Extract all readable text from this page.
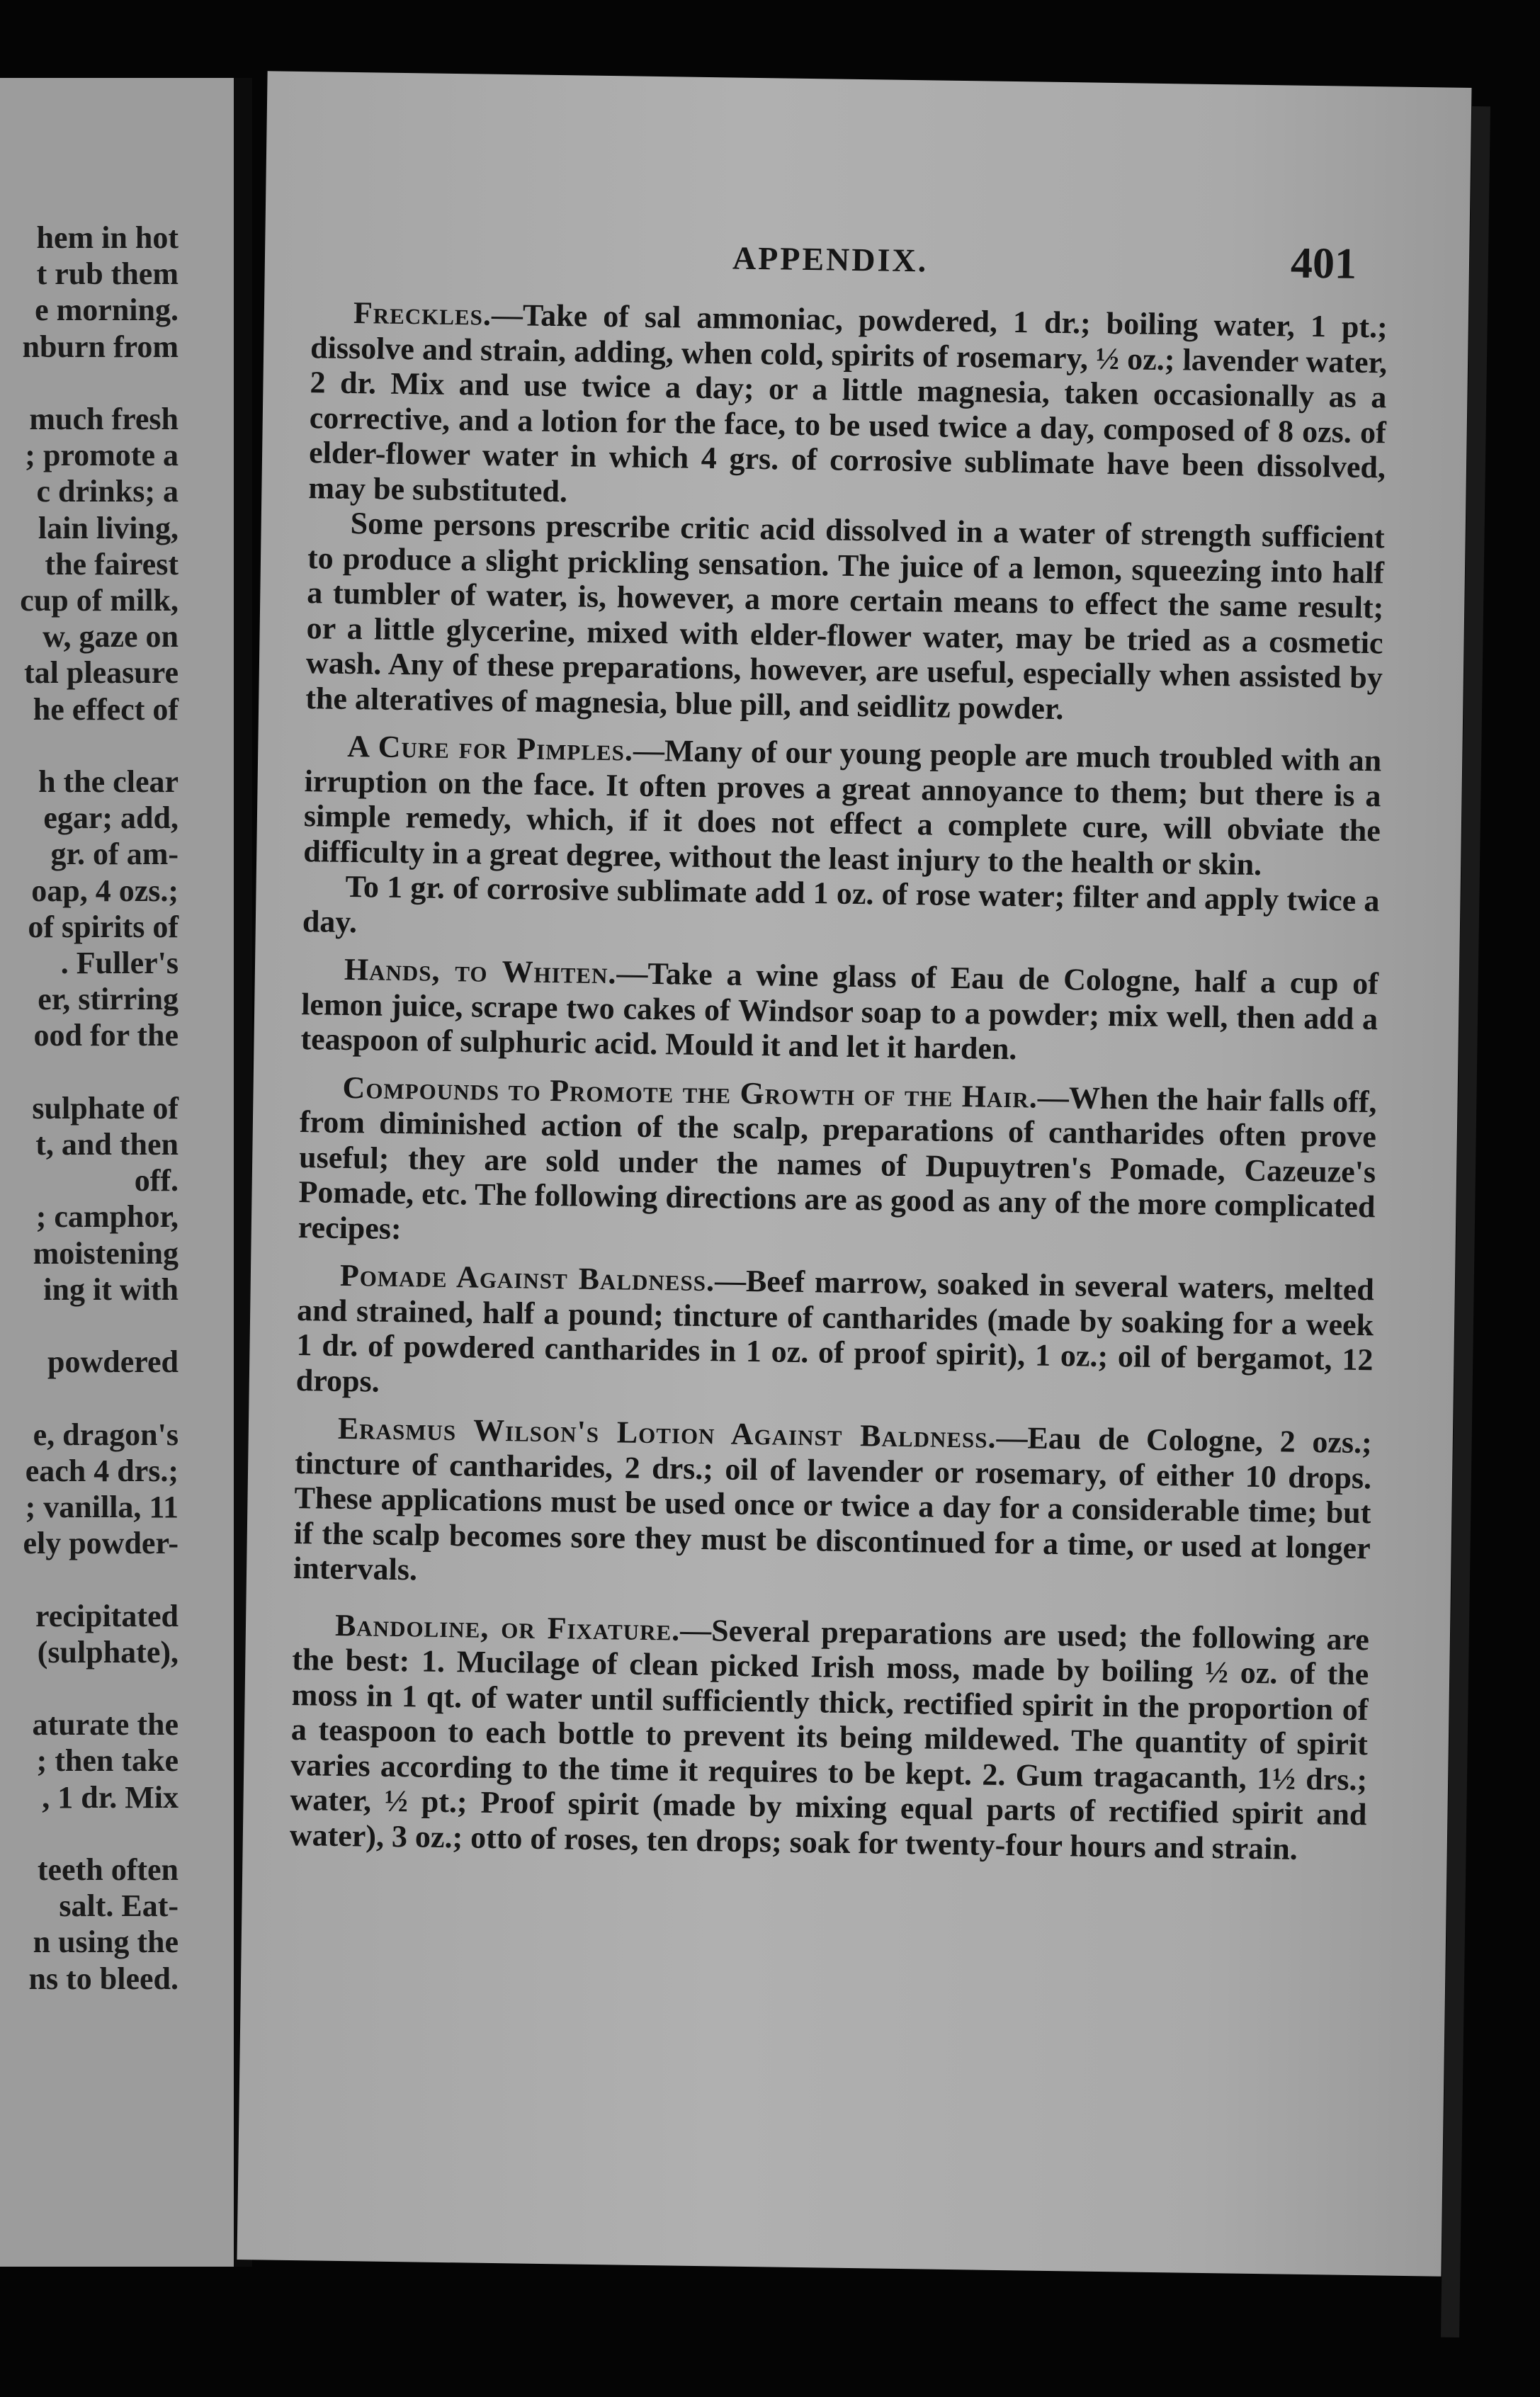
hem in hot
t rub them
e morning.
nburn from
much fresh
; promote a
c drinks; a
lain living,
the fairest
cup of milk,
w, gaze on
tal pleasure
he effect of
h the clear
egar; add,
gr. of am-
oap, 4 ozs.;
of spirits of
. Fuller's
er, stirring
ood for the
sulphate of
t, and then
off.
; camphor,
moistening
ing it with
powdered
e, dragon's
each 4 drs.;
; vanilla, 11
ely powder-
recipitated
(sulphate),
aturate the
; then take
, 1 dr. Mix
teeth often
salt. Eat-
n using the
ns to bleed.
APPENDIX.	401

Freckles.—Take of sal ammoniac, powdered, 1 dr.; boiling water, 1 pt.; dissolve and strain, adding, when cold, spirits of rosemary, ½ oz.; lavender water, 2 dr. Mix and use twice a day; or a little magnesia, taken occasionally as a corrective, and a lotion for the face, to be used twice a day, composed of 8 ozs. of elder-flower water in which 4 grs. of corrosive sublimate have been dissolved, may be substituted.

Some persons prescribe critic acid dissolved in a water of strength sufficient to produce a slight prickling sensation. The juice of a lemon, squeezing into half a tumbler of water, is, however, a more certain means to effect the same result; or a little glycerine, mixed with elder-flower water, may be tried as a cosmetic wash. Any of these preparations, however, are useful, especially when assisted by the alteratives of magnesia, blue pill, and seidlitz powder.

A Cure for Pimples.—Many of our young people are much troubled with an irruption on the face. It often proves a great annoyance to them; but there is a simple remedy, which, if it does not effect a complete cure, will obviate the difficulty in a great degree, without the least injury to the health or skin.

To 1 gr. of corrosive sublimate add 1 oz. of rose water; filter and apply twice a day.

Hands, to Whiten.—Take a wine glass of Eau de Cologne, half a cup of lemon juice, scrape two cakes of Windsor soap to a powder; mix well, then add a teaspoon of sulphuric acid. Mould it and let it harden.

Compounds to Promote the Growth of the Hair.—When the hair falls off, from diminished action of the scalp, preparations of cantharides often prove useful; they are sold under the names of Dupuytren's Pomade, Cazeuze's Pomade, etc. The following directions are as good as any of the more complicated recipes:

Pomade Against Baldness.—Beef marrow, soaked in several waters, melted and strained, half a pound; tincture of cantharides (made by soaking for a week 1 dr. of powdered cantharides in 1 oz. of proof spirit), 1 oz.; oil of bergamot, 12 drops.

Erasmus Wilson's Lotion Against Baldness.—Eau de Cologne, 2 ozs.; tincture of cantharides, 2 drs.; oil of lavender or rosemary, of either 10 drops. These applications must be used once or twice a day for a considerable time; but if the scalp becomes sore they must be discontinued for a time, or used at longer intervals.

Bandoline, or Fixature.—Several preparations are used; the following are the best: 1. Mucilage of clean picked Irish moss, made by boiling ½ oz. of the moss in 1 qt. of water until sufficiently thick, rectified spirit in the proportion of a teaspoon to each bottle to prevent its being mildewed. The quantity of spirit varies according to the time it requires to be kept. 2. Gum tragacanth, 1½ drs.; water, ½ pt.; Proof spirit (made by mixing equal parts of rectified spirit and water), 3 oz.; otto of roses, ten drops; soak for twenty-four hours and strain.
